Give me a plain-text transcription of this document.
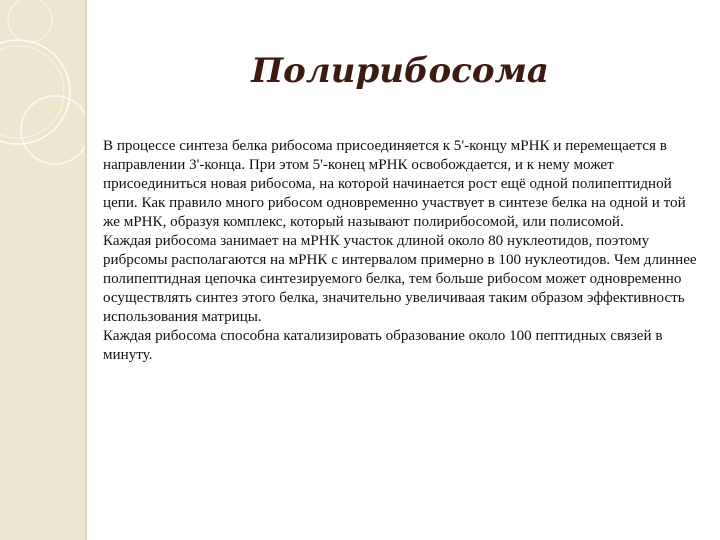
Полирибосома

В процессе синтеза белка рибосома присоединяется к 5'-концу мРНК и перемещается в направлении 3'-конца. При этом 5'-конец мРНК освобождается, и к нему может присоединиться новая рибосома, на которой начинается рост ещё одной полипептидной цепи. Как правило много рибосом одновременно участвует в синтезе белка на одной и той же мРНК, образуя комплекс, который называют полирибосомой, или полисомой.

Каждая рибосома занимает на мРНК участок длиной около 80 нуклеотидов, поэтому рибрсомы располагаются на мРНК с интервалом примерно в 100 нуклеотидов. Чем длиннее полипептидная цепочка синтезируемого белка, тем больше рибосом может одновременно осуществлять синтез этого белка, значительно увеличиваая таким образом эффективность использования матрицы.

Каждая рибосома способна катализировать образование около 100 пептидных связей в минуту.
